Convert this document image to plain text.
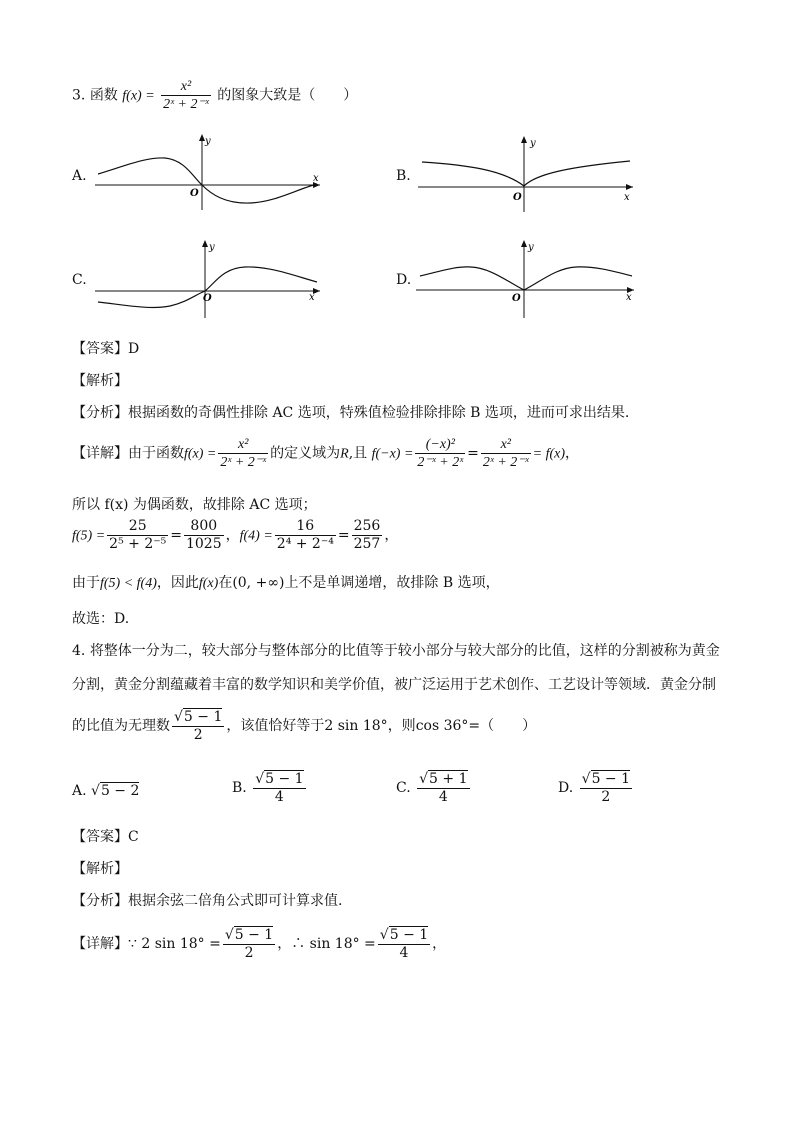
3. 函数 $f(x) = \frac{\text{x²}}{\text{2ˣ + 2⁻ˣ}}$ 的图象大致是（　　）
A.
y
x
O
B.
y
x
O
C.
y
x
O
D.
y
x
O
【答案】D
【解析】
【分析】根据函数的奇偶性排除 AC 选项，特殊值检验排除排除 B 选项，进而可求出结果.
【详解】由于函数$f(x) = \frac{\text{x²}}{\text{2ˣ + 2⁻ˣ}}$ 的定义域为R,且 $f(-x) = \frac{\text{(−x)²}}{\text{2⁻ˣ + 2ˣ}} = \frac{\text{x²}}{\text{2ˣ + 2⁻ˣ}} = f(x)$，
所以 f(x) 为偶函数，故排除 AC 选项；
$f(5) = \frac{25}{\text{2⁵ + 2⁻⁵}} = \frac{800}{1025}$ ，$f(4) = \frac{16}{\text{2⁴ + 2⁻⁴}} = \frac{256}{257}$ ，
由于f(5) < f(4)，因此f(x)在(0, +∞)上不是单调递增，故排除 B 选项，
故选：D.
4. 将整体一分为二，较大部分与整体部分的比值等于较小部分与较大部分的比值，这样的分割被称为黄金
分割，黄金分割蕴藏着丰富的数学知识和美学价值，被广泛运用于艺术创作、工艺设计等领域．黄金分制
的比值为无理数 $\frac{√5 - 1}{2}$ ，该值恰好等于2 sin 18°，则cos 36°=（　　）
A. √5 − 2	B. $\frac{√5 - 1}{4}$	C. $\frac{√5 + 1}{4}$	D. $\frac{√5 - 1}{2}$
【答案】C
【解析】
【分析】根据余弦二倍角公式即可计算求值.
【详解】∵ 2 $\sin 18^\circ = \frac{√5 - 1}{2}$ ，∴ $\sin 18^\circ = \frac{√5 - 1}{4}$ ，
